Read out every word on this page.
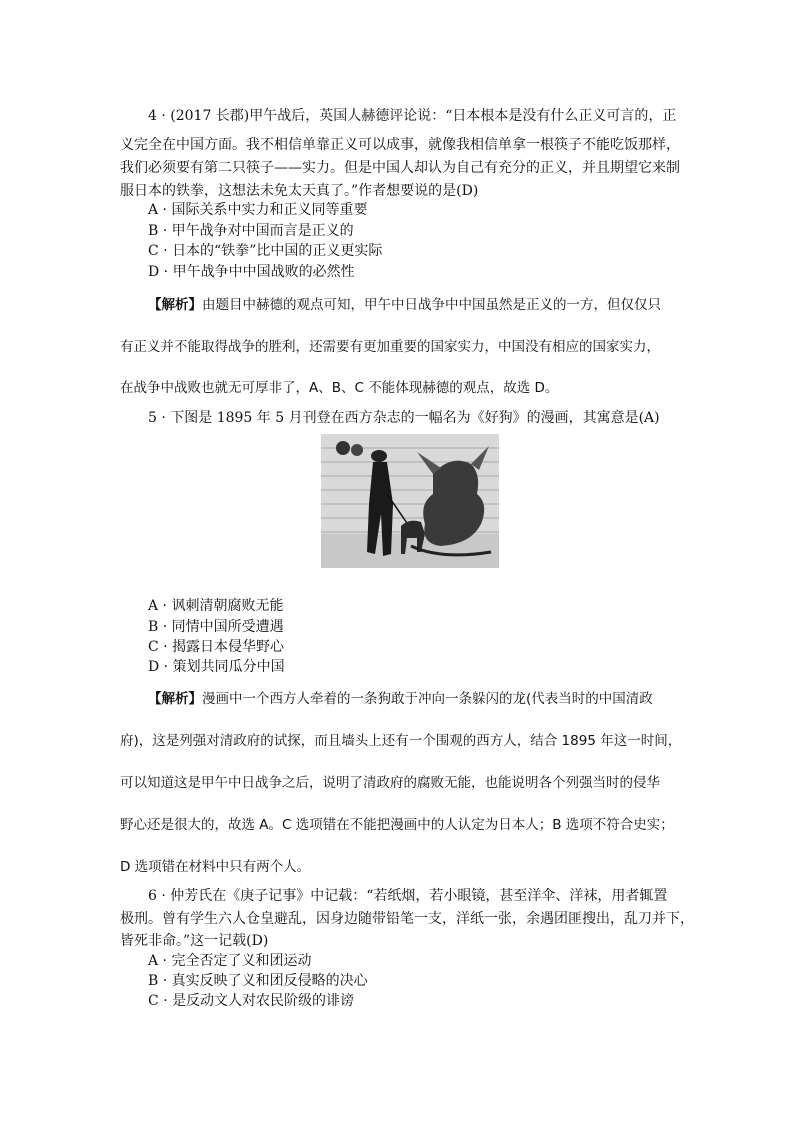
4 · (2017 长郡)甲午战后，英国人赫德评论说：“日本根本是没有什么正义可言的，正
义完全在中国方面。我不相信单靠正义可以成事，就像我相信单拿一根筷子不能吃饭那样，
我们必须要有第二只筷子——实力。但是中国人却认为自己有充分的正义，并且期望它来制
服日本的铁拳，这想法未免太天真了。”作者想要说的是(D)
A · 国际关系中实力和正义同等重要
B · 甲午战争对中国而言是正义的
C · 日本的“铁拳”比中国的正义更实际
D · 甲午战争中中国战败的必然性
【解析】由题目中赫德的观点可知，甲午中日战争中中国虽然是正义的一方，但仅仅只
有正义并不能取得战争的胜利，还需要有更加重要的国家实力，中国没有相应的国家实力，
在战争中战败也就无可厚非了，A、B、C 不能体现赫德的观点，故选 D。
5 · 下图是 1895 年 5 月刊登在西方杂志的一幅名为《好狗》的漫画，其寓意是(A)
A · 讽刺清朝腐败无能
B · 同情中国所受遭遇
C · 揭露日本侵华野心
D · 策划共同瓜分中国
【解析】漫画中一个西方人牵着的一条狗敢于冲向一条躲闪的龙(代表当时的中国清政
府)，这是列强对清政府的试探，而且墙头上还有一个围观的西方人，结合 1895 年这一时间，
可以知道这是甲午中日战争之后，说明了清政府的腐败无能，也能说明各个列强当时的侵华
野心还是很大的，故选 A。C 选项错在不能把漫画中的人认定为日本人；B 选项不符合史实；
D 选项错在材料中只有两个人。
6 · 仲芳氏在《庚子记事》中记载：“若纸烟，若小眼镜，甚至洋伞、洋袜，用者辄置
极刑。曾有学生六人仓皇避乱，因身边随带铅笔一支，洋纸一张，余遇团匪搜出，乱刀并下，
皆死非命。”这一记载(D)
A · 完全否定了义和团运动
B · 真实反映了义和团反侵略的决心
C · 是反动文人对农民阶级的诽谤
